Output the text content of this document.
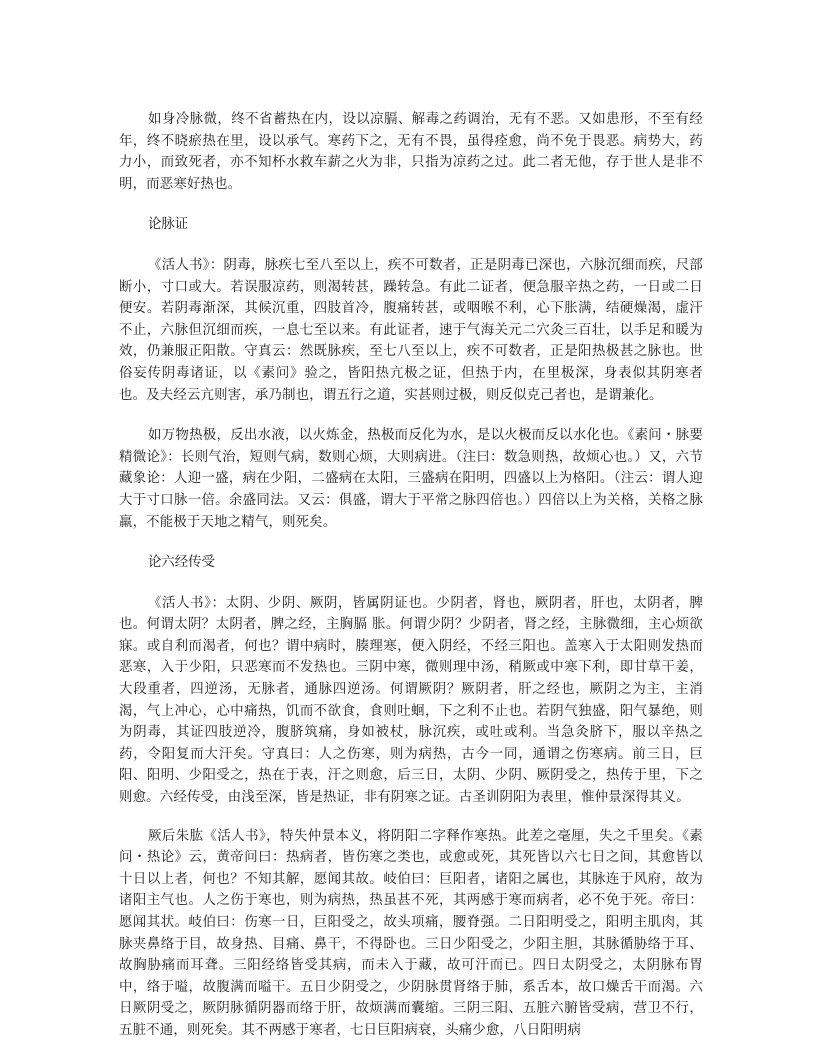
如身冷脉微，终不省蓄热在内，设以凉膈、解毒之药调治，无有不恶。又如患形，不至有经年，终不晓瘀热在里，设以承气。寒药下之，无有不畏，虽得痊愈，尚不免于畏恶。病势大，药力小，而致死者，亦不知杯水救车薪之火为非，只指为凉药之过。此二者无他，存于世人是非不明，而恶寒好热也。

论脉证

《活人书》：阴毒，脉疾七至八至以上，疾不可数者，正是阴毒已深也，六脉沉细而疾，尺部断小，寸口或大。若误服凉药，则渴转甚，躁转急。有此二证者，便急服辛热之药，一日或二日便安。若阴毒渐深，其候沉重，四肢首冷，腹痛转甚，或咽喉不利，心下胀满，结硬燥渴，虚汗不止，六脉但沉细而疾，一息七至以来。有此证者，速于气海关元二穴灸三百壮，以手足和暖为效，仍兼服正阳散。守真云：然既脉疾，至七八至以上，疾不可数者，正是阳热极甚之脉也。世俗妄传阴毒诸证，以《素问》验之，皆阳热亢极之证，但热于内，在里极深，身表似其阴寒者也。及夫经云亢则害，承乃制也，谓五行之道，实甚则过极，则反似克己者也，是谓兼化。

如万物热极，反出水液，以火炼金，热极而反化为水，是以火极而反以水化也。《素问・脉要精微论》：长则气治，短则气病，数则心烦，大则病进。（注曰：数急则热，故烦心也。）又，六节藏象论：人迎一盛，病在少阳，二盛病在太阳，三盛病在阳明，四盛以上为格阳。（注云：谓人迎大于寸口脉一倍。余盛同法。又云：俱盛，谓大于平常之脉四倍也。）四倍以上为关格，关格之脉羸，不能极于天地之精气，则死矣。

论六经传受

《活人书》：太阴、少阴、厥阴，皆属阴证也。少阴者，肾也，厥阴者，肝也，太阴者，脾也。何谓太阴？太阴者，脾之经，主胸膈 胀。何谓少阴？少阴者，肾之经，主脉微细，主心烦欲寐。或自利而渴者，何也？谓中病时，腠理寒，便入阴经，不经三阳也。盖寒入于太阳则发热而恶寒，入于少阳，只恶寒而不发热也。三阴中寒，微则理中汤，稍厥或中寒下利，即甘草干姜，大段重者，四逆汤，无脉者，通脉四逆汤。何谓厥阴？厥阴者，肝之经也，厥阴之为主，主消渴，气上冲心，心中痛热，饥而不欲食，食则吐蛔，下之利不止也。若阴气独盛，阳气暴绝，则为阴毒，其证四肢逆冷，腹脐筑痛，身如被杖，脉沉疾，或吐或利。当急灸脐下，服以辛热之药，令阳复而大汗矣。守真曰：人之伤寒，则为病热，古今一同，通谓之伤寒病。前三日，巨阳、阳明、少阳受之，热在于表，汗之则愈，后三日，太阴、少阴、厥阴受之，热传于里，下之则愈。六经传受，由浅至深，皆是热证，非有阴寒之证。古圣训阴阳为表里，惟仲景深得其义。

厥后朱肱《活人书》，特失仲景本义，将阴阳二字释作寒热。此差之毫厘，失之千里矣。《素问・热论》云，黄帝问曰：热病者，皆伤寒之类也，或愈或死，其死皆以六七日之间，其愈皆以十日以上者，何也？不知其解，愿闻其故。岐伯曰：巨阳者，诸阳之属也，其脉连于风府，故为诸阳主气也。人之伤于寒也，则为病热，热虽甚不死，其两感于寒而病者，必不免于死。帝曰：愿闻其状。岐伯曰：伤寒一日，巨阳受之，故头项痛，腰脊强。二日阳明受之，阳明主肌肉，其脉夹鼻络于目，故身热、目痛、鼻干，不得卧也。三日少阳受之，少阳主胆，其脉循胁络于耳、故胸胁痛而耳聋。三阳经络皆受其病，而未入于藏，故可汗而已。四日太阴受之，太阴脉布胃中，络于嗌，故腹满而嗌干。五日少阴受之，少阴脉贯肾络于肺，系舌本，故口燥舌干而渴。六日厥阴受之，厥阴脉循阴器而络于肝，故烦满而囊缩。三阴三阳、五脏六腑皆受病，营卫不行，五脏不通，则死矣。其不两感于寒者，七日巨阳病衰，头痛少愈，八日阳明病
